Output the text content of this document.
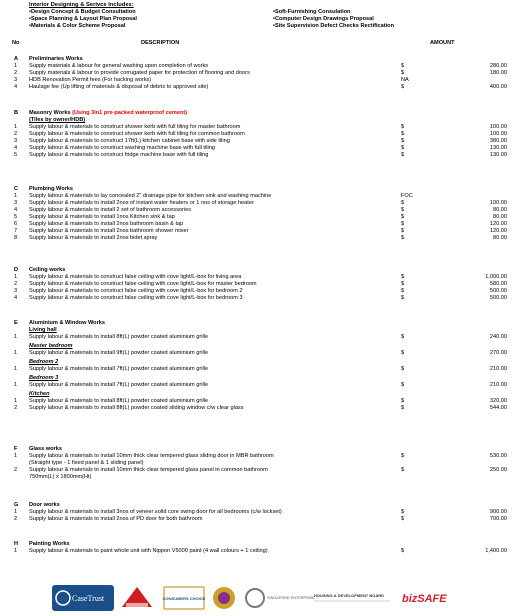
Interior Designing & Serivce Includes:
•Design Concept & Budget Consultation
•Space Planning & Layout Plan Proposal
•Materials & Color Scheme Proposal
•Soft-Furnishing Consulation
•Computer Design Drawings Proposal
•Site Supervision Defect Checks Rectification
No	DESCRIPTION	AMOUNT
A Preliminaries Works
1	Supply materials & labour for general washing upon completion of works	$	280.00
2	Supply materials & labour to provide corrugated paper for protection of flooring and doors	$	180.00
3	HDB Renovation Permit fees (For hacking works)	NA
4	Haulage fee (Up lifting of materials & disposal of debris to approved site)	$	400.00
B Masonry Works (Using 3in1 pre-packed waterproof cement)
(Tiles by owner/HDB)
1	Supply labour & materials to construct shower kerb with full tiling for master bathroom	$	100.00
2	Supply labour & materials to construct shower kerb with full tiling for common bathroom	$	100.00
3	Supply labour & materials to construct 17ft(L) kitchen cabinet base with side tiling	$	380.00
4	Supply labour & materials to construct washing machine base with full tiling	$	130.00
5	Supply labour & materials to construct fridge machine base with full tiling	$	130.00
C Plumbing Works
1	Supply labour & materials to lay concealed 2" drainage pipe for kitchen sink and washing machine	FOC
3	Supply labour & materials to install 2nos of instant water heaters or 1 nos of storage heater	$	100.00
4	Supply labour & materials to install 2 set of bathroom accessories	$	80.00
5	Supply labour & materials to install 1nos Kitchen sink & tap	$	80.00
6	Supply labour & materials to install 2nos bathroom basin & tap	$	120.00
7	Supply labour & materials to install 2nos bathroom shower mixer	$	120.00
8	Supply labour & materials to install 2nos bidet spray	$	80.00
D Ceiling works
1	Supply labour & materials to construct false ceiling with cove light/L-box for living area	$	1,000.00
2	Supply labour & materials to construct false ceiling with cove light/L-box for master bedroom	$	580.00
3	Supply labour & materials to construct false ceiling with cove light/L-box for bedroom 2	$	500.00
4	Supply labour & materials to construct false ceiling with cove light/L-box for bedroom 3	$	500.00
E Aluminium & Window Works
Living hall
1	Supply labour & materials to install 8ft(L) powder coated aluminium grille	$	240.00
Master bedroom
1	Supply labour & materials to install 9ft(L) powder coated aluminium grille	$	270.00
Bedroom 2
1	Supply labour & materials to install 7ft(L) powder coated aluminium grille	$	210.00
Bedroom 3
1	Supply labour & materials to install 7ft(L) powder coated aluminium grille	$	210.00
Kitchen
1	Supply labour & materials to install 8ft(L) powder coated aluminium grille	$	320.00
2	Supply labour & materials to install 8ft(L) powder coated sliding window c/w clear glass	$	544.00
F Glass works
1	Supply labour & materials to install 10mm thick clear tempered glass sliding door in MBR bathroom	$	530.00
(Straight type - 1 fixed panel & 1 sliding panel)
2	Supply labour & materials to install 10mm thick clear tempered glass panel in common bathroom	$	250.00
750mm(L) x 1800mm(Ht)
G Door works
1	Supply labour & materials to install 3nos of veneer solid core swing door for all bedrooms (c/w lockset)	$	900.00
2	Supply labour & materials to install 2nos of PD door for both bathroom	$	700.00
H Painting Works
1	Supply labour & materials to paint whole unit with Nippon V5000 paint (4 wall colours + 1 ceiling)	$	1,400.00
CaseTrust	CONSUMERS CHOICE	SINGAPORE ENTERPRISE HOUSING & DEVELOPMENT BOARD bizSAFE
